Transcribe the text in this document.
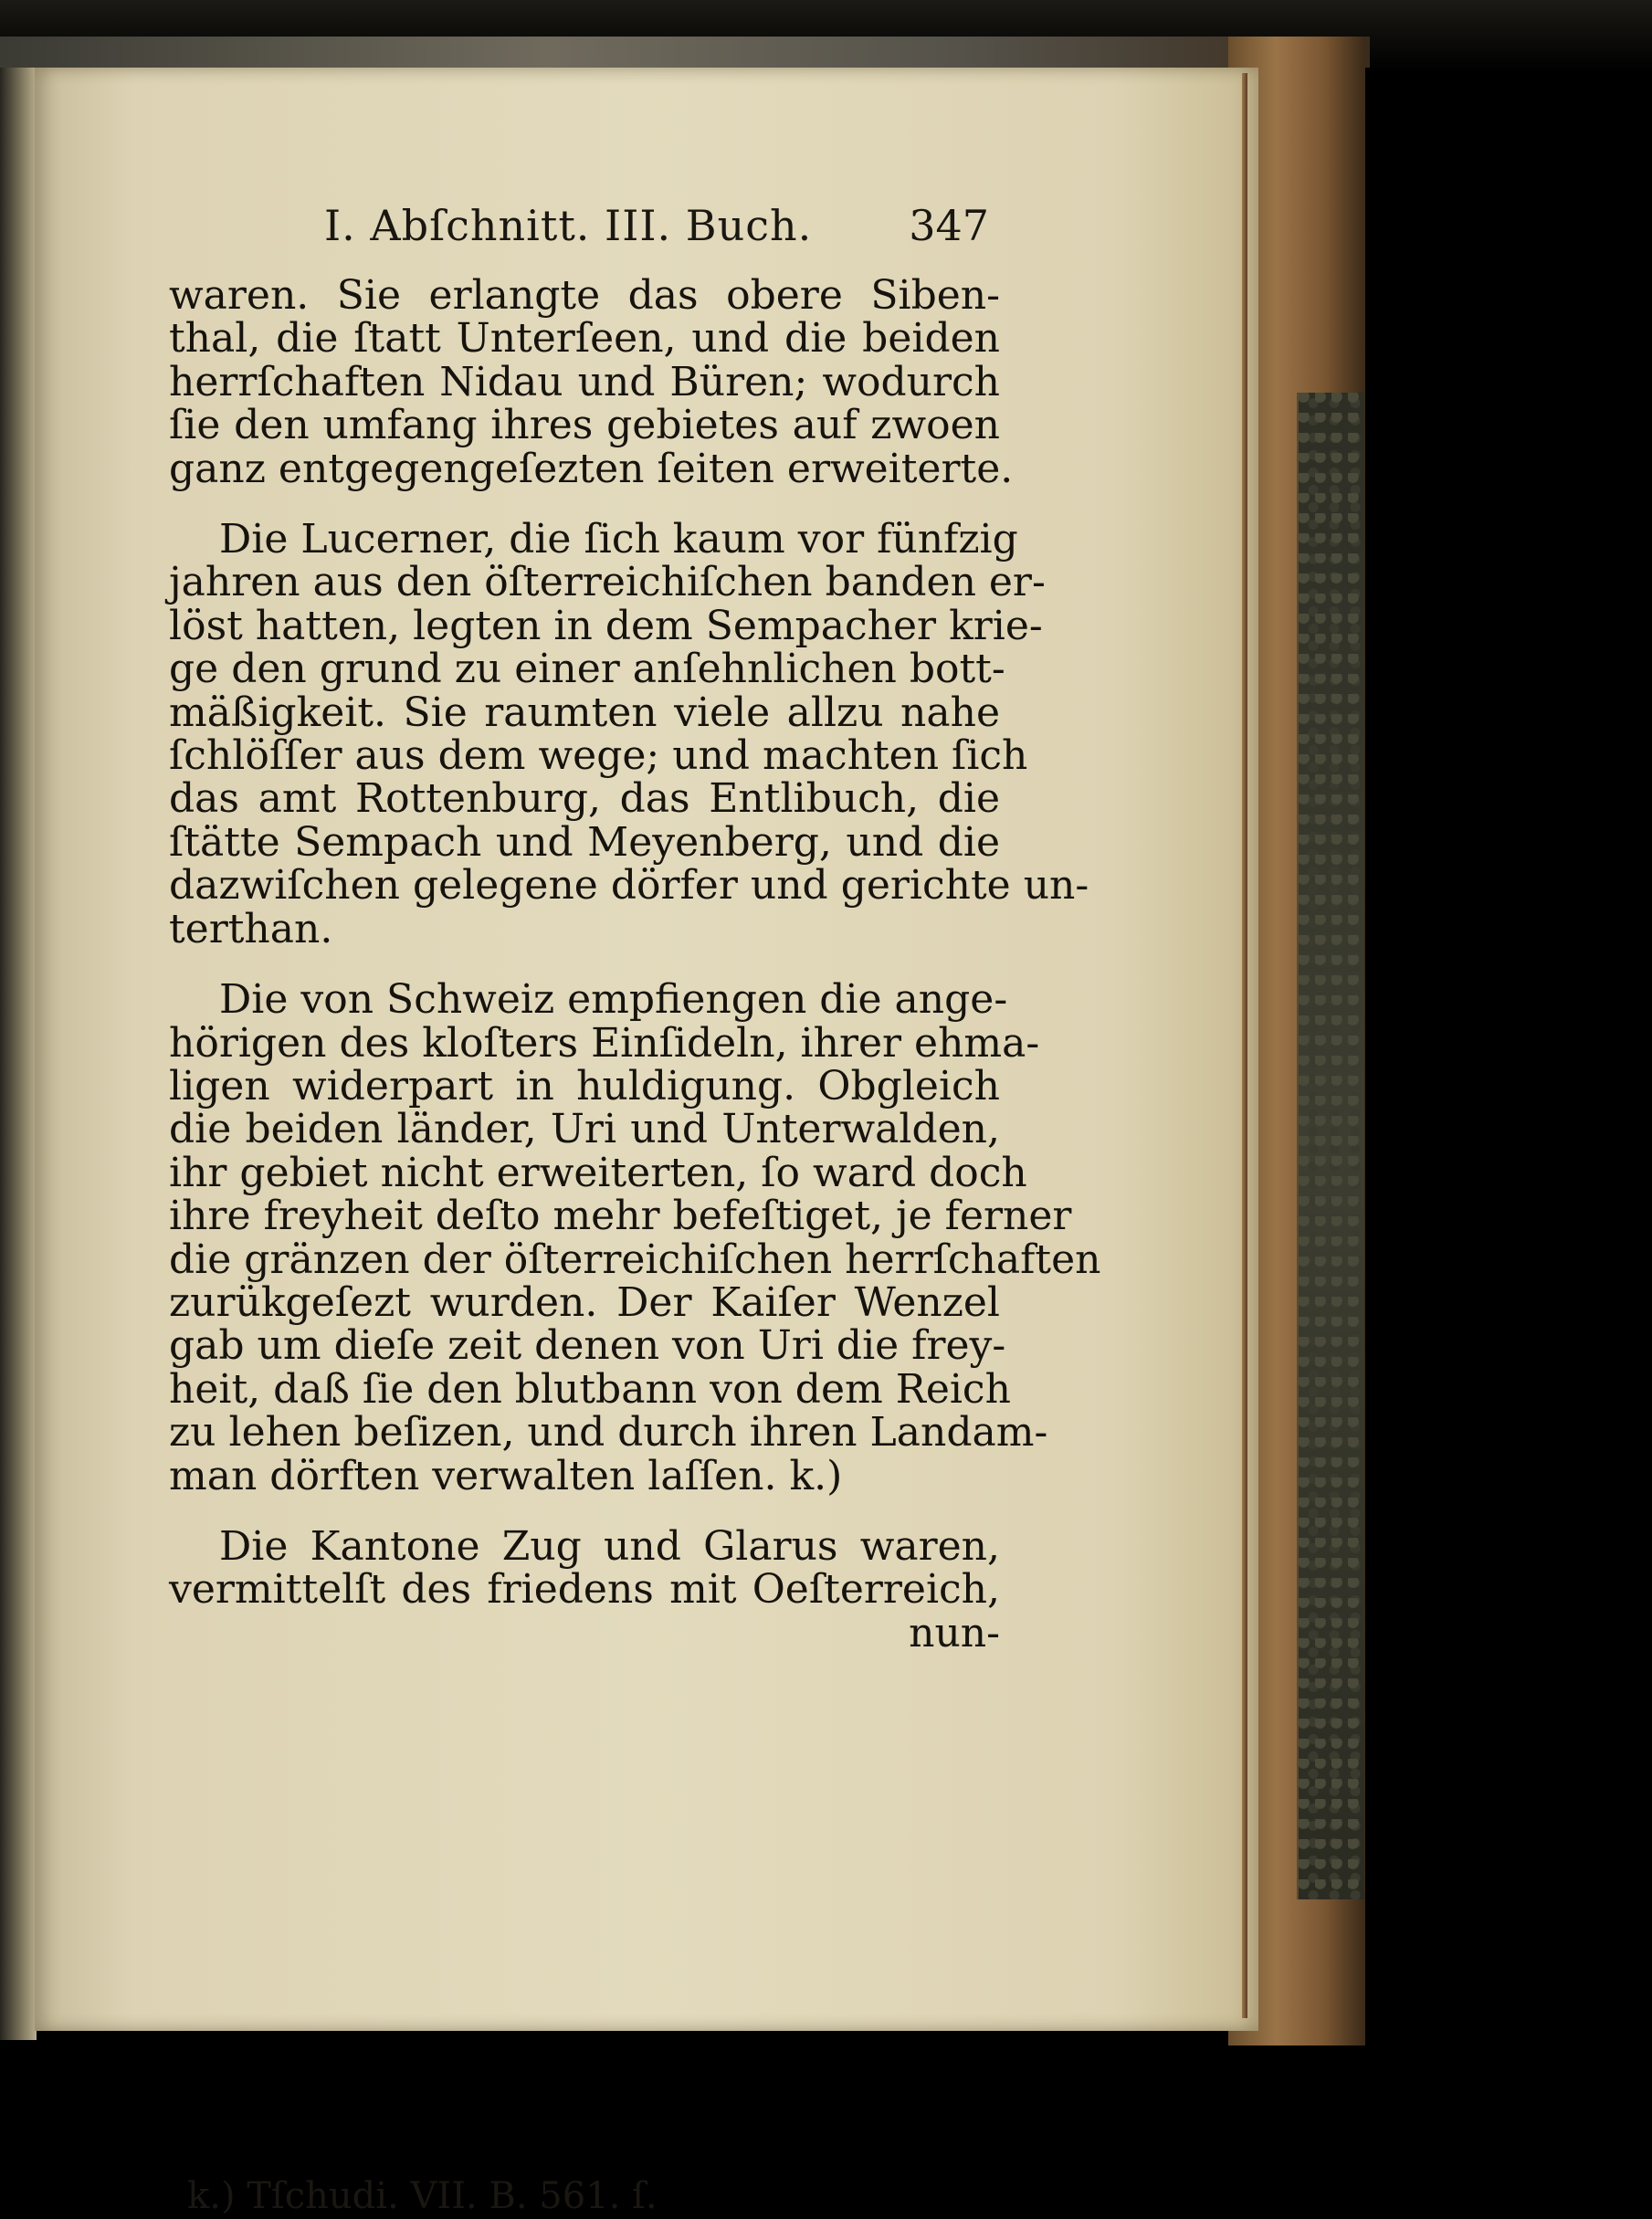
I. Abſchnitt. III. Buch. 347

waren. Sie erlangte das obere Siben-
thal, die ſtatt Unterſeen, und die beiden
herrſchaften Nidau und Büren; wodurch
ſie den umfang ihres gebietes auf zwoen
ganz entgegengeſezten ſeiten erweiterte.

Die Lucerner, die ſich kaum vor fünfzig
jahren aus den öſterreichiſchen banden er-
löst hatten, legten in dem Sempacher krie-
ge den grund zu einer anſehnlichen bott-
mäßigkeit. Sie raumten viele allzu nahe
ſchlöſſer aus dem wege; und machten ſich
das amt Rottenburg, das Entlibuch, die
ſtätte Sempach und Meyenberg, und die
dazwiſchen gelegene dörfer und gerichte un-
terthan.

Die von Schweiz empfiengen die ange-
hörigen des kloſters Einſideln, ihrer ehma-
ligen widerpart in huldigung. Obgleich
die beiden länder, Uri und Unterwalden,
ihr gebiet nicht erweiterten, ſo ward doch
ihre freyheit deſto mehr befeſtiget, je ferner
die gränzen der öſterreichiſchen herrſchaften
zurükgeſezt wurden. Der Kaiſer Wenzel
gab um dieſe zeit denen von Uri die frey-
heit, daß ſie den blutbann von dem Reich
zu lehen beſizen, und durch ihren Landam-
man dörften verwalten laſſen. k.)

Die Kantone Zug und Glarus waren,
vermittelſt des friedens mit Oeſterreich,
nun-

k.) Tſchudi. VII. B. 561. ſ.
